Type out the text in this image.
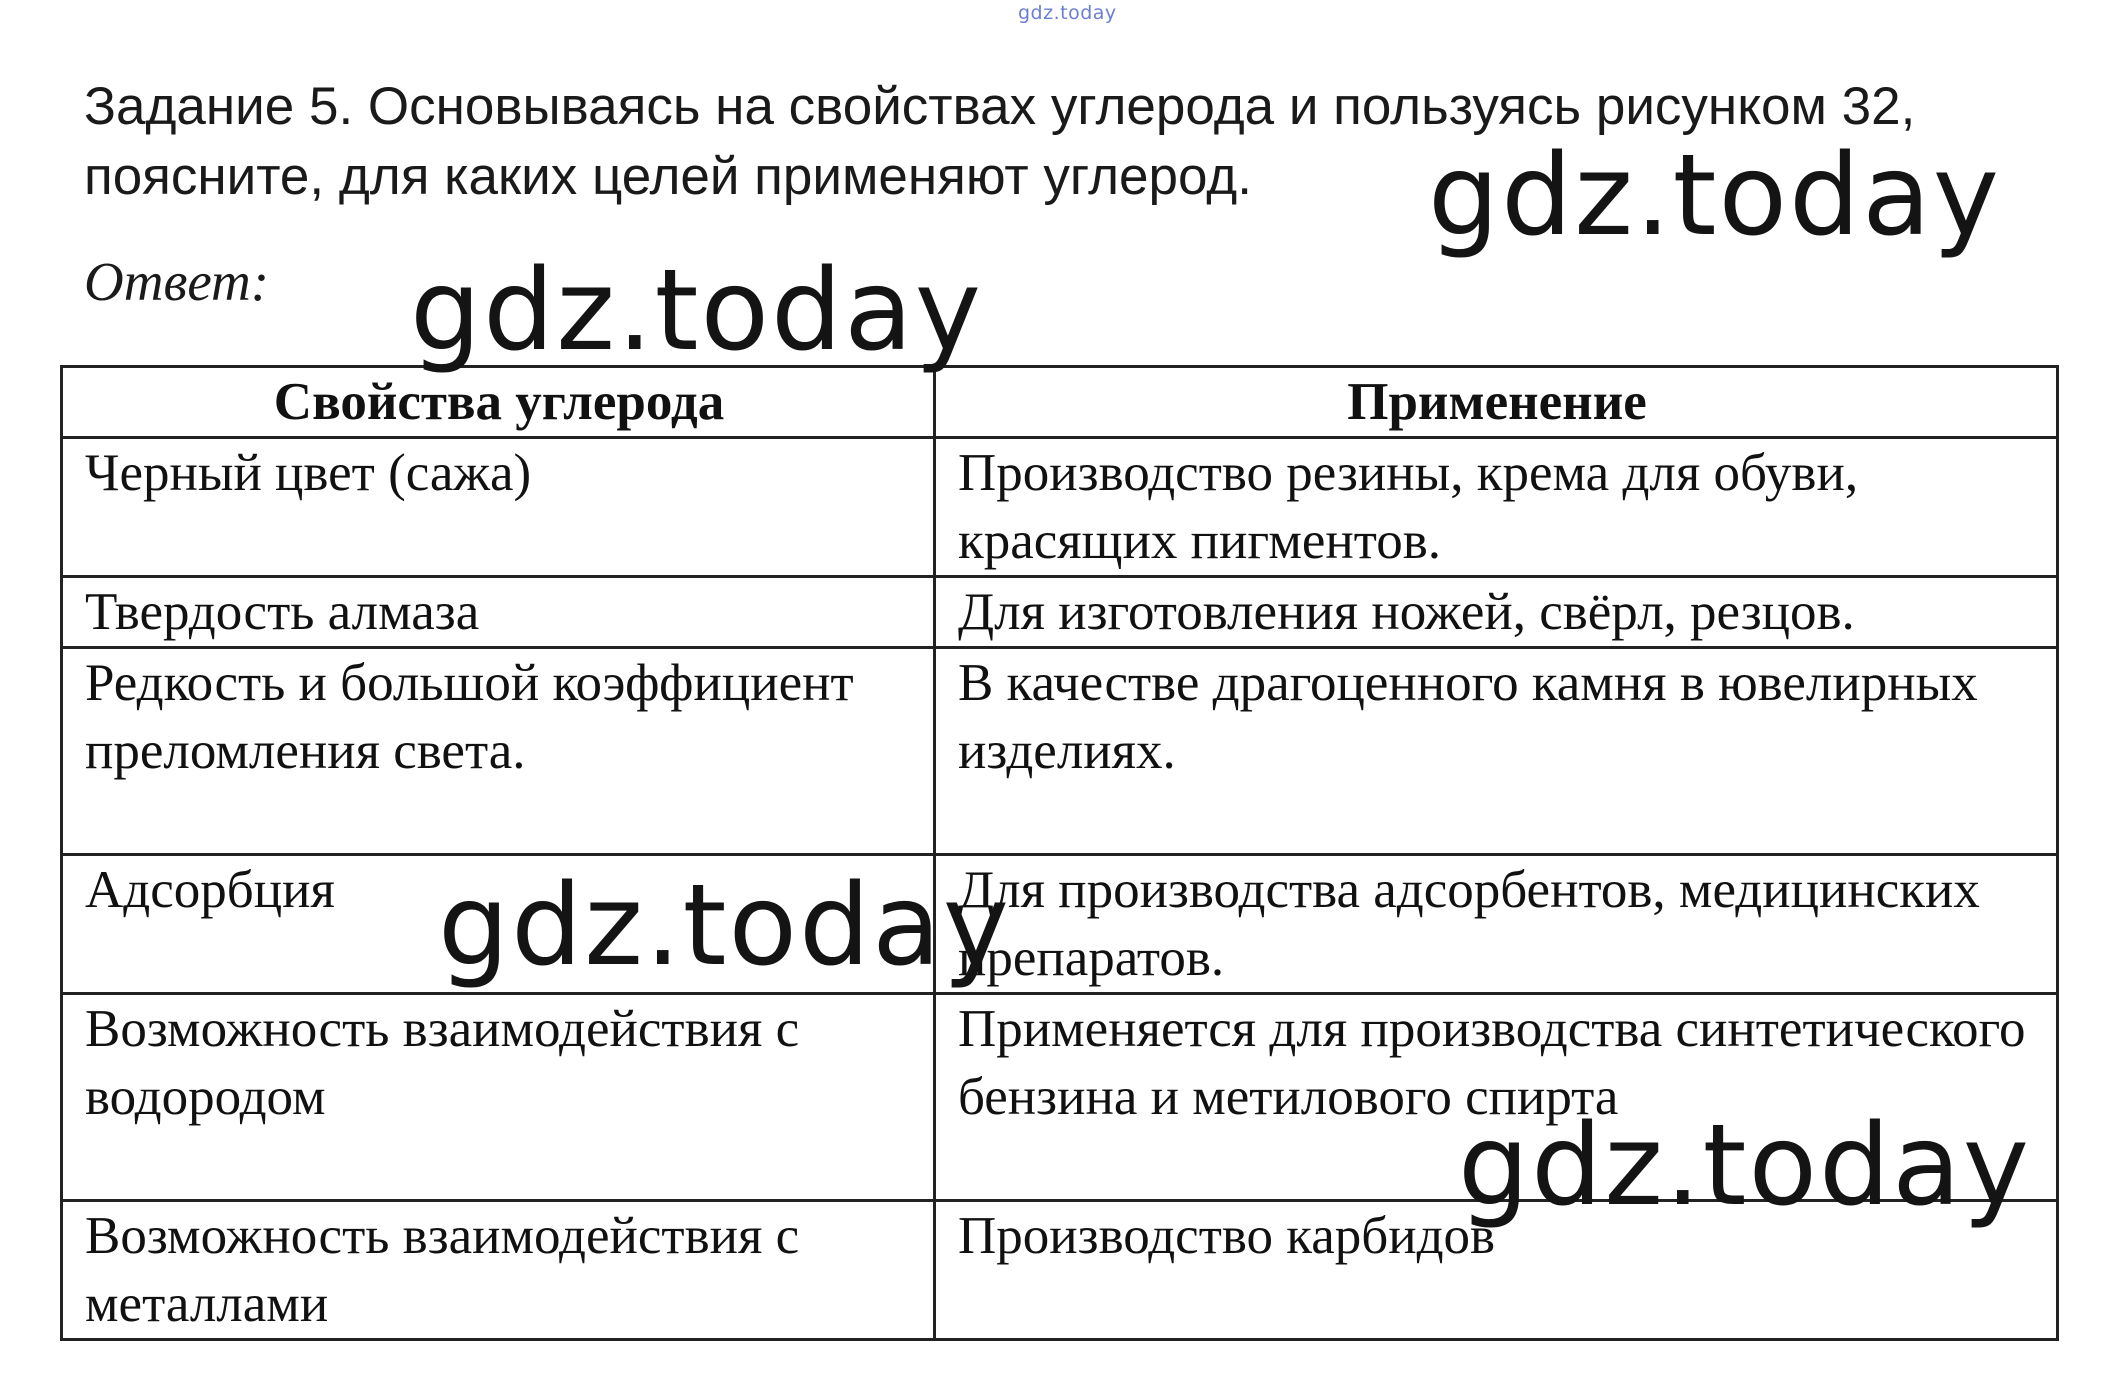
gdz.today

Задание 5. Основываясь на свойствах углерода и пользуясь рисунком 32, поясните, для каких целей применяют углерод.

Ответ:
Свойства углерода	Применение
Черный цвет (сажа)	Производство резины, крема для обуви, красящих пигментов.
Твердость алмаза	Для изготовления ножей, свёрл, резцов.
Редкость и большой коэффициент преломления света.	В качестве драгоценного камня в ювелирных изделиях.
Адсорбция	Для производства адсорбентов, медицинских препаратов.
Возможность взаимодействия с водородом	Применяется для производства синтетического бензина и метилового спирта
Возможность взаимодействия с металлами	Производство карбидов
gdz.today
gdz.today
gdz.today
gdz.today
